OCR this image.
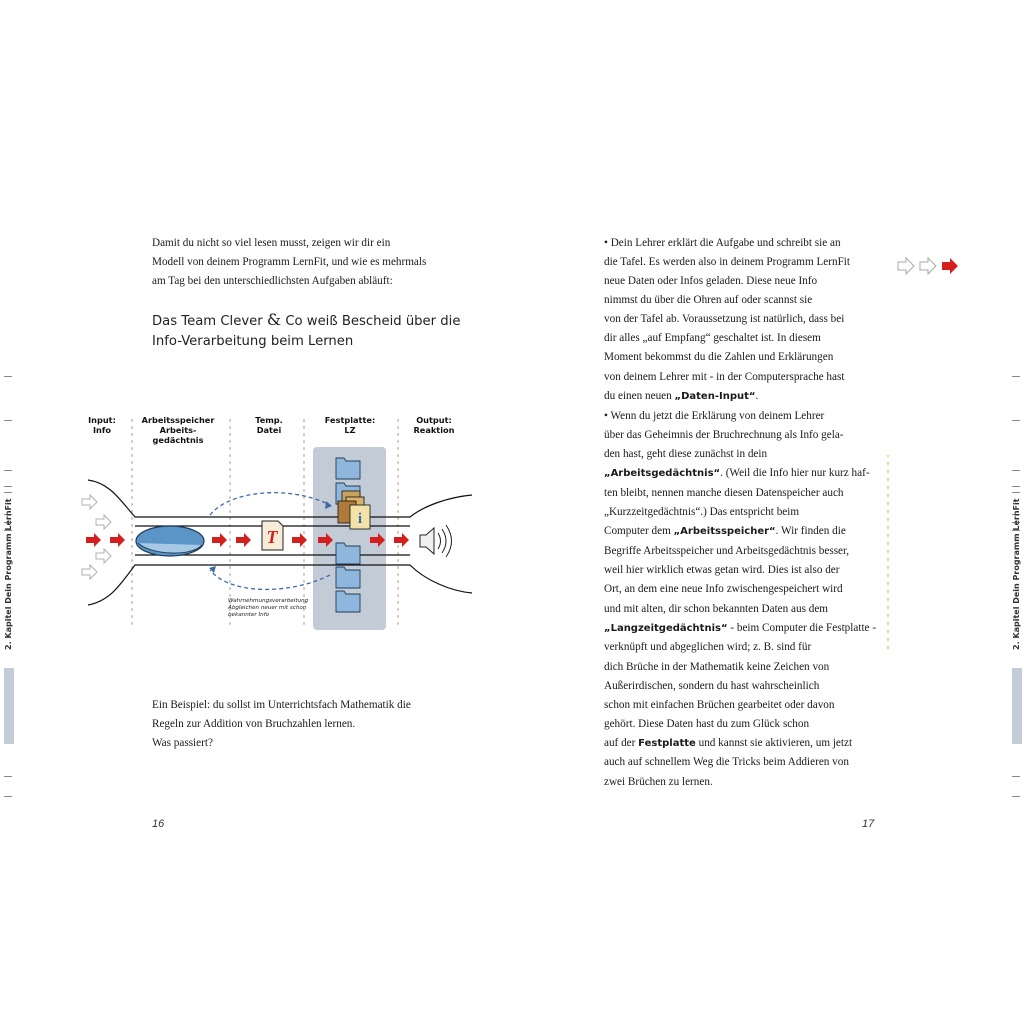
Damit du nicht so viel lesen musst, zeigen wir dir ein
Modell von deinem Programm LernFit, und wie es mehrmals
am Tag bei den unterschiedlichsten Aufgaben abläuft:
Das Team Clever & Co weiß Bescheid über die
Info-Verarbeitung beim Lernen
Input:
Info
Arbeitsspeicher
Arbeits-
gedächtnis
Temp.
Datei
Festplatte:
LZ
Output:
Reaktion
T
i
Wahrnehmungsverarbeitung
Abgleichen neuer mit schon
bekannter Info
Ein Beispiel: du sollst im Unterrichtsfach Mathematik die
Regeln zur Addition von Bruchzahlen lernen.
Was passiert?
16
• Dein Lehrer erklärt die Aufgabe und schreibt sie an
die Tafel. Es werden also in deinem Programm LernFit
neue Daten oder Infos geladen. Diese neue Info
nimmst du über die Ohren auf oder scannst sie
von der Tafel ab. Voraussetzung ist natürlich, dass bei
dir alles „auf Empfang“ geschaltet ist. In diesem
Moment bekommst du die Zahlen und Erklärungen
von deinem Lehrer mit - in der Computersprache hast
du einen neuen „Daten-Input“.
• Wenn du jetzt die Erklärung von deinem Lehrer
über das Geheimnis der Bruchrechnung als Info gela-
den hast, geht diese zunächst in dein
„Arbeitsgedächtnis“. (Weil die Info hier nur kurz haf-
ten bleibt, nennen manche diesen Datenspeicher auch
„Kurzzeitgedächtnis“.) Das entspricht beim
Computer dem „Arbeitsspeicher“. Wir finden die
Begriffe Arbeitsspeicher und Arbeitsgedächtnis besser,
weil hier wirklich etwas getan wird. Dies ist also der
Ort, an dem eine neue Info zwischengespeichert wird
und mit alten, dir schon bekannten Daten aus dem
„Langzeitgedächtnis“ - beim Computer die Festplatte -
verknüpft und abgeglichen wird; z. B. sind für
dich Brüche in der Mathematik keine Zeichen von
Außerirdischen, sondern du hast wahrscheinlich
schon mit einfachen Brüchen gearbeitet oder davon
gehört. Diese Daten hast du zum Glück schon
auf der Festplatte und kannst sie aktivieren, um jetzt
auch auf schnellem Weg die Tricks beim Addieren von
zwei Brüchen zu lernen.
17
2. Kapitel Dein Programm LernFit	2. Kapitel Dein Programm LernFit
